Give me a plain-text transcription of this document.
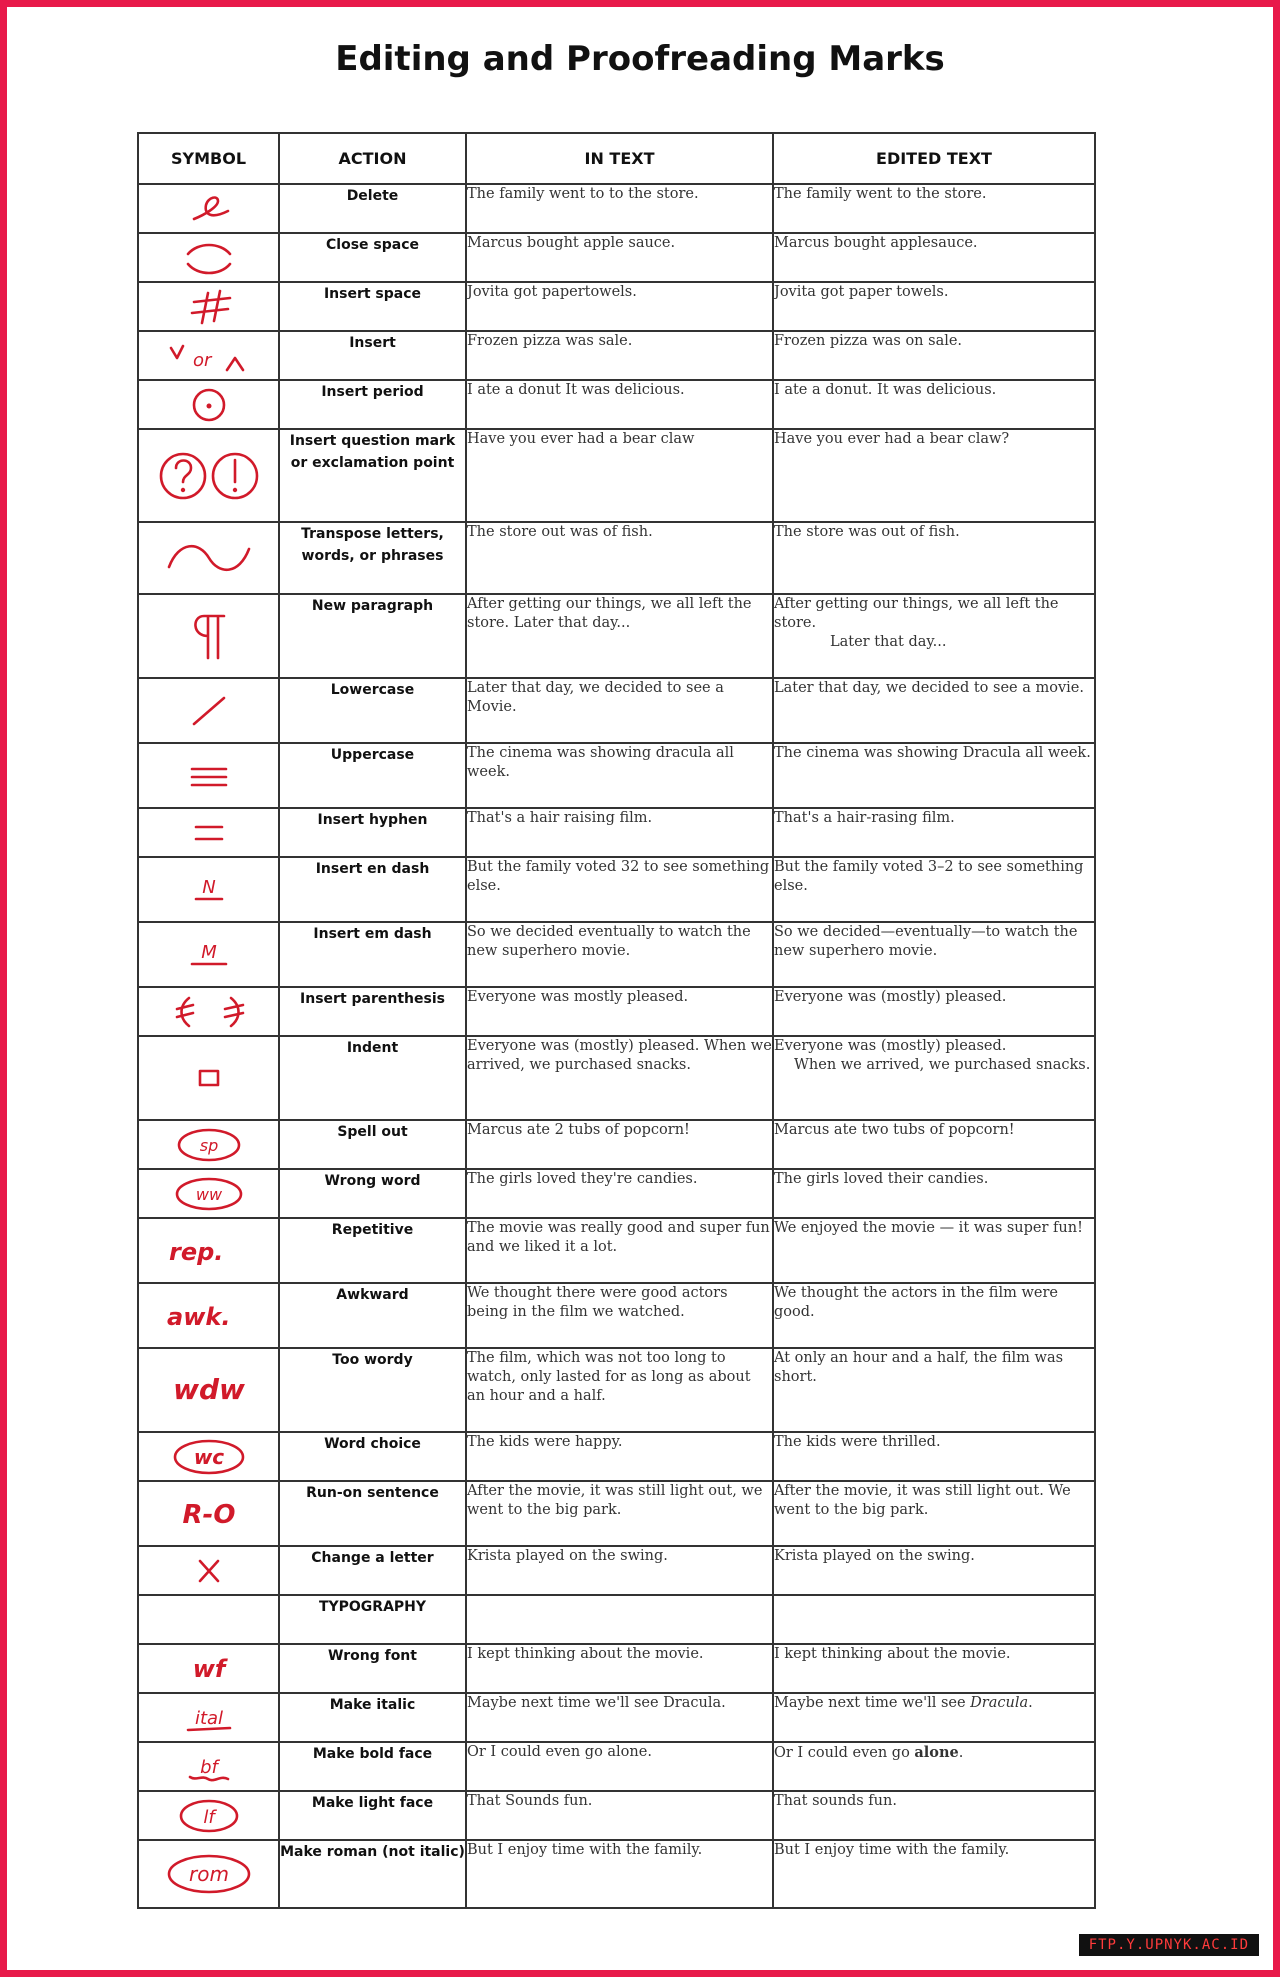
Editing and Proofreading Marks
SYMBOL	ACTION	IN TEXT	EDITED TEXT

	Delete	The family went to to the store.	The family went to the store.

	Close space	Marcus bought apple sauce.	Marcus bought applesauce.

	Insert space	Jovita got papertowels.	Jovita got paper towels.

or	Insert	Frozen pizza was sale.	Frozen pizza was on sale.

	Insert period	I ate a donut It was delicious.	I ate a donut. It was delicious.

	Insert question mark or exclamation point	Have you ever had a bear claw	Have you ever had a bear claw?

	Transpose letters, words, or phrases	The store out was of fish.	The store was out of fish.

	New paragraph	After getting our things, we all left the store. Later that day...	After getting our things, we all left the store.
Later that day...

	Lowercase	Later that day, we decided to see a Movie.	Later that day, we decided to see a movie.

	Uppercase	The cinema was showing dracula all week.	The cinema was showing Dracula all week.

	Insert hyphen	That's a hair raising film.	That's a hair-rasing film.

N	Insert en dash	But the family voted 32 to see something else.	But the family voted 3–2 to see something else.

M	Insert em dash	So we decided eventually to watch the new superhero movie.	So we decided—eventually—to watch the new superhero movie.

	Insert parenthesis	Everyone was mostly pleased.	Everyone was (mostly) pleased.

	Indent	Everyone was (mostly) pleased. When we arrived, we purchased snacks.	Everyone was (mostly) pleased.
When we arrived, we purchased snacks.

sp	Spell out	Marcus ate 2 tubs of popcorn!	Marcus ate two tubs of popcorn!

ww	Wrong word	The girls loved they're candies.	The girls loved their candies.

rep.	Repetitive	The movie was really good and super fun and we liked it a lot.	We enjoyed the movie — it was super fun!

awk.	Awkward	We thought there were good actors being in the film we watched.	We thought the actors in the film were good.

wdw	Too wordy	The film, which was not too long to watch, only lasted for as long as about an hour and a half.	At only an hour and a half, the film was short.

wc	Word choice	The kids were happy.	The kids were thrilled.

R-O	Run-on sentence	After the movie, it was still light out, we went to the big park.	After the movie, it was still light out. We went to the big park.

	Change a letter	Krista played on the swing.	Krista played on the swing.
	TYPOGRAPHY		

wf	Wrong font	I kept thinking about the movie.	I kept thinking about the movie.

ital	Make italic	Maybe next time we'll see Dracula.	Maybe next time we'll see Dracula.

bf	Make bold face	Or I could even go alone.	Or I could even go alone.

lf	Make light face	That Sounds fun.	That sounds fun.

rom	Make roman (not italic)	But I enjoy time with the family.	But I enjoy time with the family.
FTP.Y.UPNYK.AC.ID
